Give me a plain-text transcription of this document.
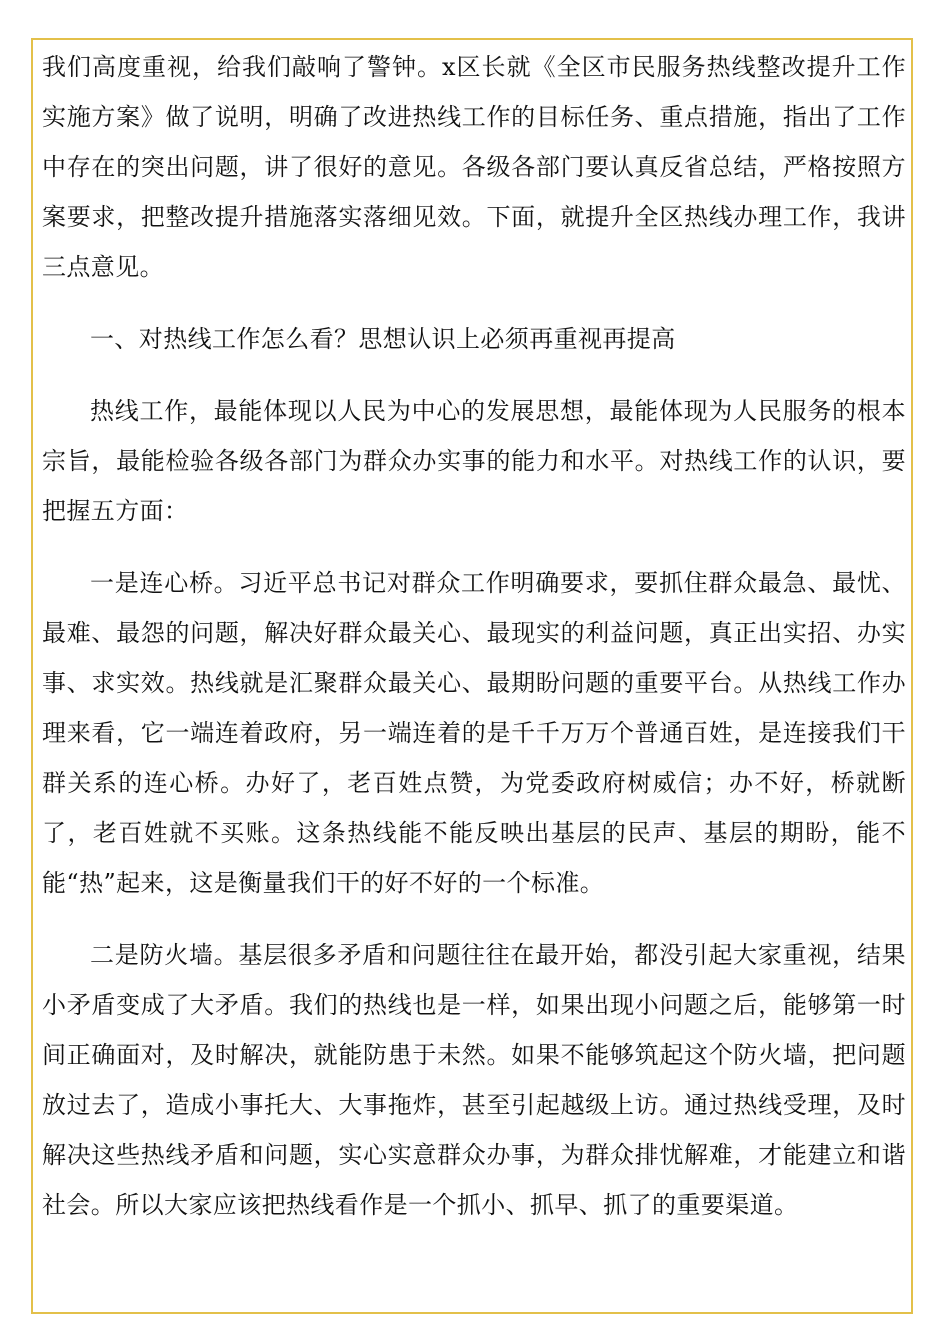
我们高度重视，给我们敲响了警钟。x区长就《全区市民服务热线整改提升工作实施方案》做了说明，明确了改进热线工作的目标任务、重点措施，指出了工作中存在的突出问题，讲了很好的意见。各级各部门要认真反省总结，严格按照方案要求，把整改提升措施落实落细见效。下面，就提升全区热线办理工作，我讲三点意见。

一、对热线工作怎么看？思想认识上必须再重视再提高

热线工作，最能体现以人民为中心的发展思想，最能体现为人民服务的根本宗旨，最能检验各级各部门为群众办实事的能力和水平。对热线工作的认识，要把握五方面：

一是连心桥。习近平总书记对群众工作明确要求，要抓住群众最急、最忧、最难、最怨的问题，解决好群众最关心、最现实的利益问题，真正出实招、办实事、求实效。热线就是汇聚群众最关心、最期盼问题的重要平台。从热线工作办理来看，它一端连着政府，另一端连着的是千千万万个普通百姓，是连接我们干群关系的连心桥。办好了，老百姓点赞，为党委政府树威信；办不好，桥就断了，老百姓就不买账。这条热线能不能反映出基层的民声、基层的期盼，能不能“热”起来，这是衡量我们干的好不好的一个标准。

二是防火墙。基层很多矛盾和问题往往在最开始，都没引起大家重视，结果小矛盾变成了大矛盾。我们的热线也是一样，如果出现小问题之后，能够第一时间正确面对，及时解决，就能防患于未然。如果不能够筑起这个防火墙，把问题放过去了，造成小事托大、大事拖炸，甚至引起越级上访。通过热线受理，及时解决这些热线矛盾和问题，实心实意群众办事，为群众排忧解难，才能建立和谐社会。所以大家应该把热线看作是一个抓小、抓早、抓了的重要渠道。
